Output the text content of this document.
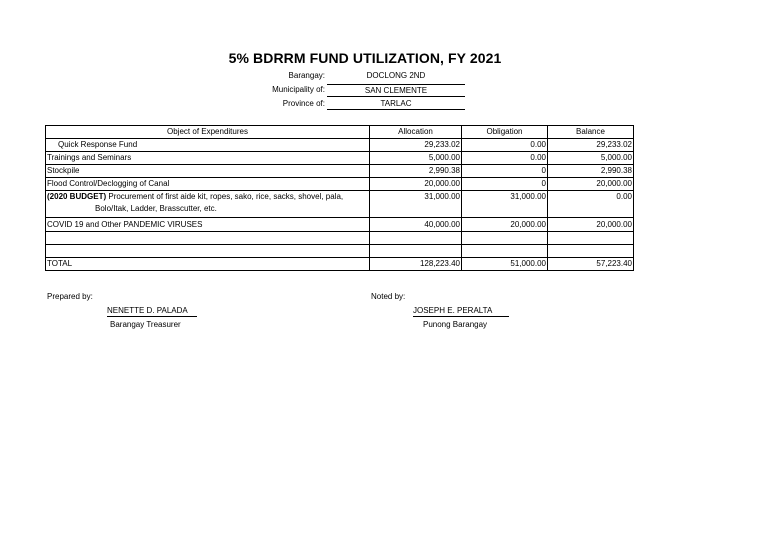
5% BDRRM FUND UTILIZATION, FY 2021
Barangay:	DOCLONG 2ND
Municipality of:	SAN CLEMENTE
Province of:	TARLAC
Object of Expenditures	Allocation	Obligation	Balance
Quick Response Fund	29,233.02	0.00	29,233.02
Trainings and Seminars	5,000.00	0.00	5,000.00
Stockpile	2,990.38	0	2,990.38
Flood Control/Declogging of Canal	20,000.00	0	20,000.00
(2020 BUDGET) Procurement of first aide kit, ropes, sako, rice, sacks, shovel, pala,
Bolo/Itak, Ladder, Brasscutter, etc.	31,000.00	31,000.00	0.00
COVID 19 and Other PANDEMIC VIRUSES	40,000.00	20,000.00	20,000.00

TOTAL	128,223.40	51,000.00	57,223.40
Prepared by:
NENETTE D. PALADA
Barangay Treasurer
Noted by:
JOSEPH E. PERALTA
Punong Barangay
